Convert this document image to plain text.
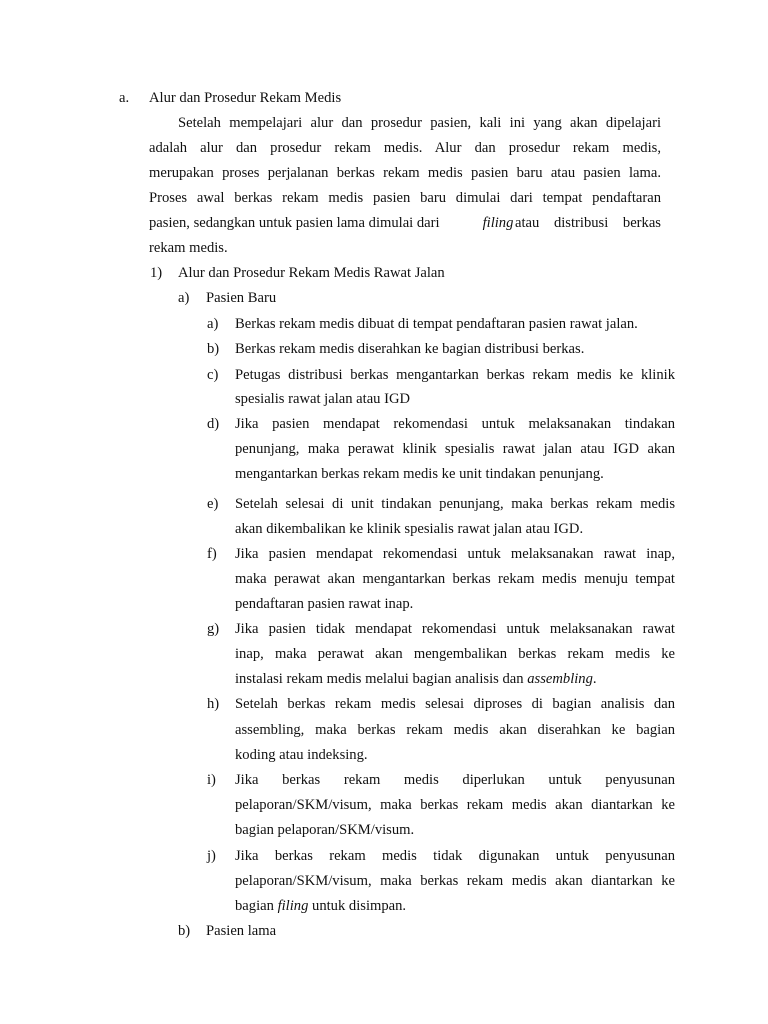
a. Alur dan Prosedur Rekam Medis
Setelah mempelajari alur dan prosedur pasien, kali ini yang akan dipelajari
adalah alur dan prosedur rekam medis. Alur dan prosedur rekam medis,
merupakan proses perjalanan berkas rekam medis pasien baru atau pasien lama.
Proses awal berkas rekam medis pasien baru dimulai dari tempat pendaftaran
pasien, sedangkan untuk pasien lama dimulai dari	filing atau distribusi berkas
rekam medis.
1) Alur dan Prosedur Rekam Medis Rawat Jalan
a) Pasien Baru
a) Berkas rekam medis dibuat di tempat pendaftaran pasien rawat jalan.
b) Berkas rekam medis diserahkan ke bagian distribusi berkas.
c) Petugas distribusi berkas mengantarkan berkas rekam medis ke klinik
spesialis rawat jalan atau IGD
d) Jika pasien mendapat rekomendasi untuk melaksanakan tindakan
penunjang, maka perawat klinik spesialis rawat jalan atau IGD akan
mengantarkan berkas rekam medis ke unit tindakan penunjang.
e) Setelah selesai di unit tindakan penunjang, maka berkas rekam medis
akan dikembalikan ke klinik spesialis rawat jalan atau IGD.
f) Jika pasien mendapat rekomendasi untuk melaksanakan rawat inap,
maka perawat akan mengantarkan berkas rekam medis menuju tempat
pendaftaran pasien rawat inap.
g) Jika pasien tidak mendapat rekomendasi untuk melaksanakan rawat
inap, maka perawat akan mengembalikan berkas rekam medis ke
instalasi rekam medis melalui bagian analisis dan assembling.
h) Setelah berkas rekam medis selesai diproses di bagian analisis dan
assembling, maka berkas rekam medis akan diserahkan ke bagian
koding atau indeksing.
i) Jika berkas rekam medis diperlukan untuk penyusunan
pelaporan/SKM/visum, maka berkas rekam medis akan diantarkan ke
bagian pelaporan/SKM/visum.
j) Jika berkas rekam medis tidak digunakan untuk penyusunan
pelaporan/SKM/visum, maka berkas rekam medis akan diantarkan ke
bagian filing untuk disimpan.
b) Pasien lama
